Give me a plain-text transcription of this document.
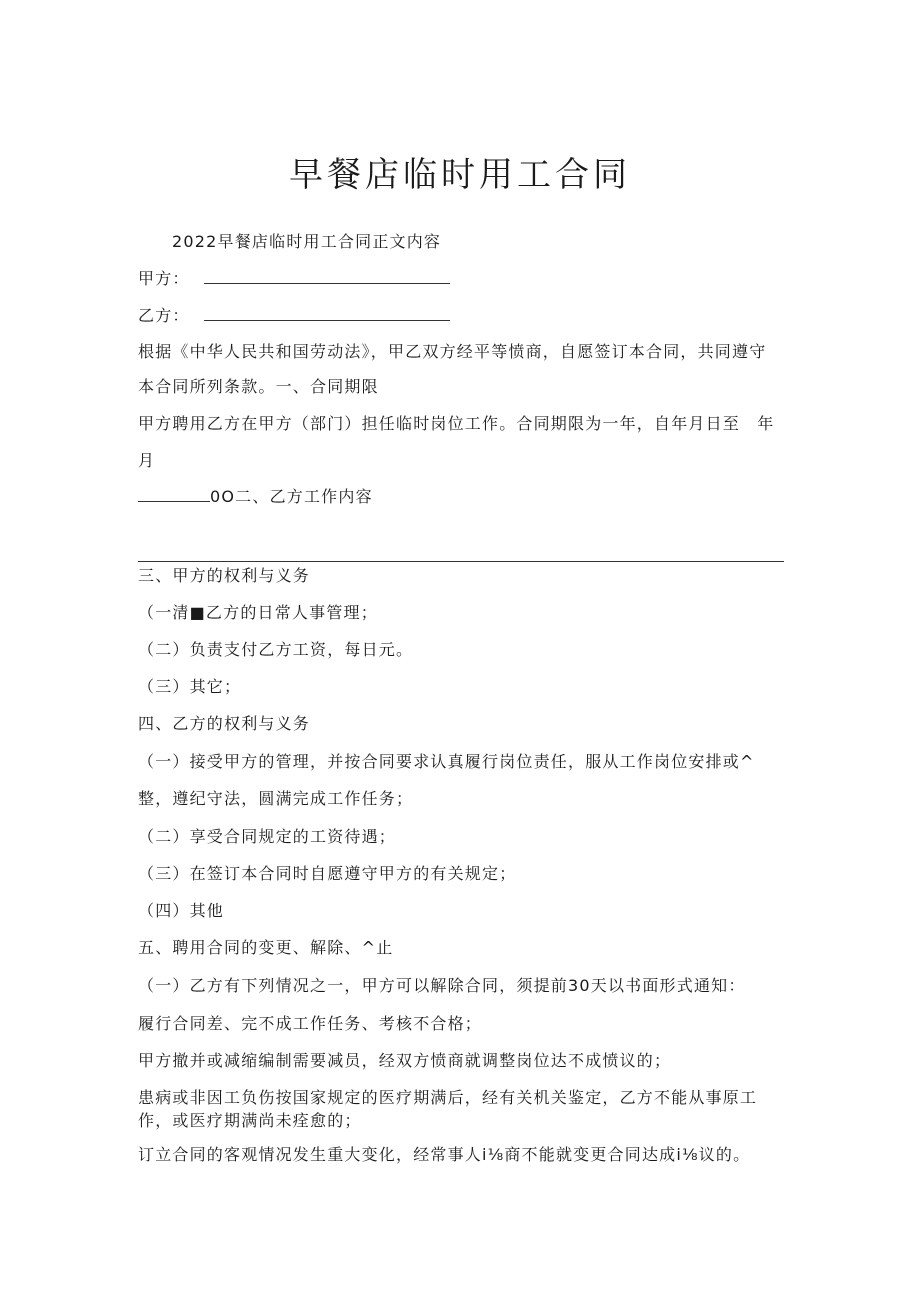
早餐店临时用工合同
2022早餐店临时用工合同正文内容
甲方：
乙方：
根据《中华人民共和国劳动法》，甲乙双方经平等愤商，自愿签订本合同，共同遵守
本合同所列条款。一、合同期限
甲方聘用乙方在甲方（部门）担任临时岗位工作。合同期限为一年，自年月日至　年
月
0O二、乙方工作内容
三、甲方的权利与义务
（一清■乙方的日常人事管理；
（二）负责支付乙方工资，每日元。
（三）其它；
四、乙方的权利与义务
（一）接受甲方的管理，并按合同要求认真履行岗位责任，服从工作岗位安排或^
整，遵纪守法，圆满完成工作任务；
（二）享受合同规定的工资待遇；
（三）在签订本合同时自愿遵守甲方的有关规定；
（四）其他
五、聘用合同的变更、解除、^止
（一）乙方有下列情况之一，甲方可以解除合同，须提前30天以书面形式通知：
履行合同差、完不成工作任务、考核不合格；
甲方撤并或减缩编制需要减员，经双方愤商就调整岗位达不成愤议的；
患病或非因工负伤按国家规定的医疗期满后，经有关机关鉴定，乙方不能从事原工
作，或医疗期满尚未痊愈的；
订立合同的客观情况发生重大变化，经常事人i⅛商不能就变更合同达成i⅛议的。
